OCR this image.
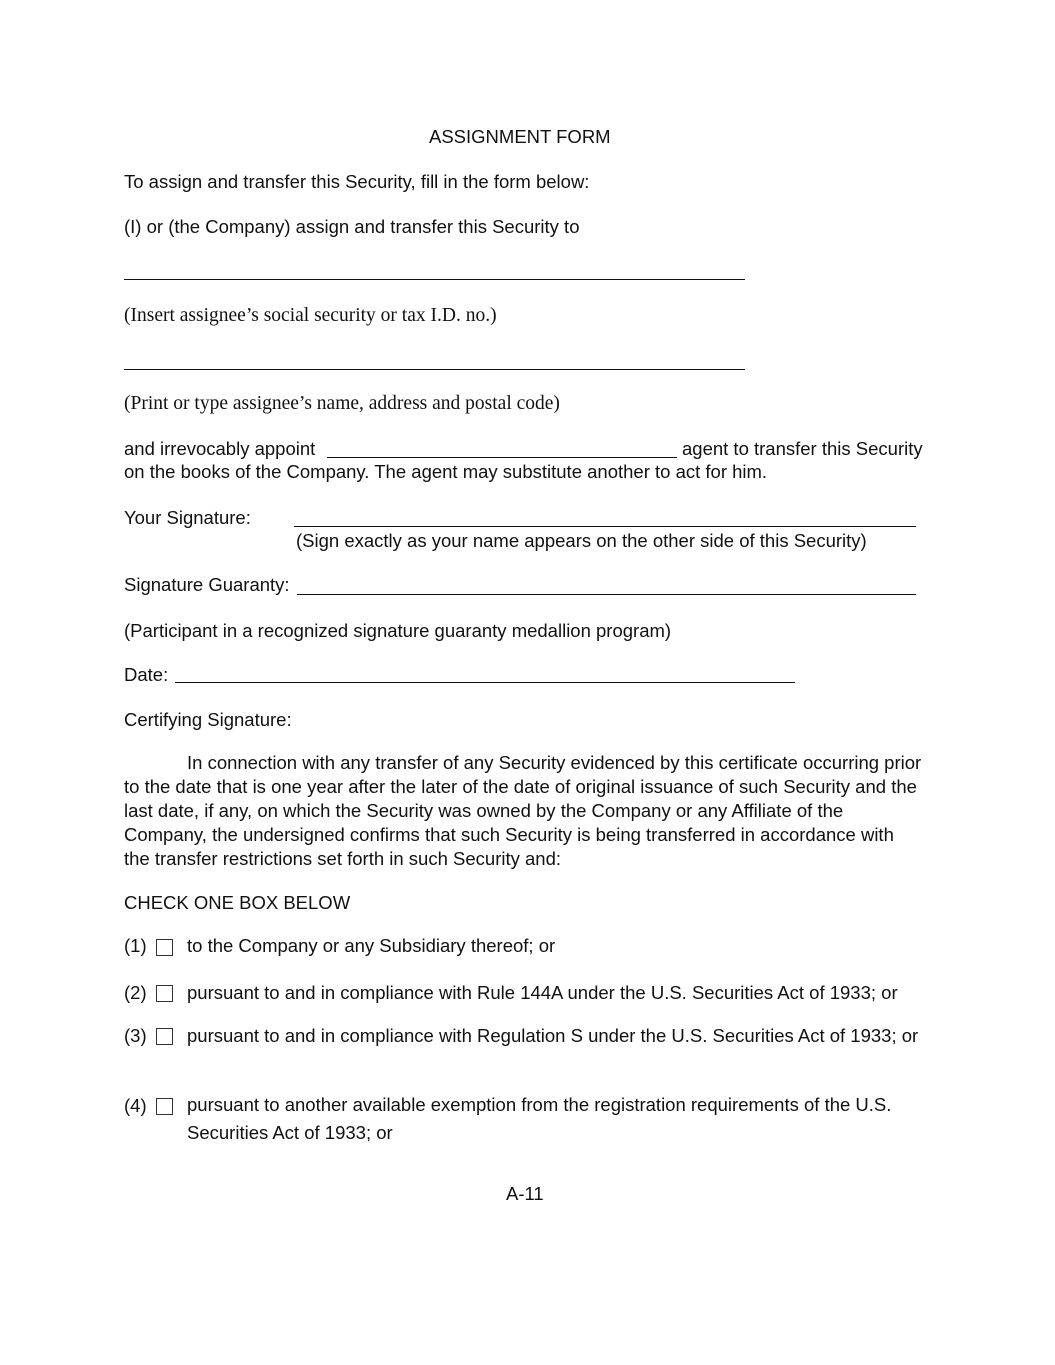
ASSIGNMENT FORM
To assign and transfer this Security, fill in the form below:
(I) or (the Company) assign and transfer this Security to
(Insert assignee’s social security or tax I.D. no.)
(Print or type assignee’s name, address and postal code)
and irrevocably appoint	agent to transfer this Security
on the books of the Company. The agent may substitute another to act for him.
Your Signature:
(Sign exactly as your name appears on the other side of this Security)
Signature Guaranty:
(Participant in a recognized signature guaranty medallion program)
Date:
Certifying Signature:
In connection with any transfer of any Security evidenced by this certificate occurring prior to the date that is one year after the later of the date of original issuance of such Security and the last date, if any, on which the Security was owned by the Company or any Affiliate of the Company, the undersigned confirms that such Security is being transferred in accordance with the transfer restrictions set forth in such Security and:
CHECK ONE BOX BELOW
(1) to the Company or any Subsidiary thereof; or
(2) pursuant to and in compliance with Rule 144A under the U.S. Securities Act of 1933; or
(3) pursuant to and in compliance with Regulation S under the U.S. Securities Act of 1933; or
(4) pursuant to another available exemption from the registration requirements of the U.S. Securities Act of 1933; or
A-11
